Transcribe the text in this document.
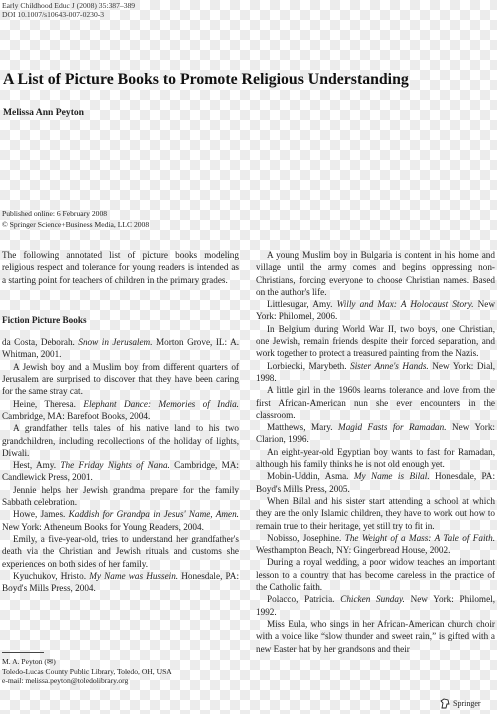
Early Childhood Educ J (2008) 35:387–389
DOI 10.1007/s10643-007-0230-3
A List of Picture Books to Promote Religious Understanding
Melissa Ann Peyton
Published online: 6 February 2008
© Springer Science+Business Media, LLC 2008

The following annotated list of picture books modeling religious respect and tolerance for young readers is intended as a starting point for teachers of children in the primary grades.

Fiction Picture Books

da Costa, Deborah. Snow in Jerusalem. Morton Grove, IL: A. Whitman, 2001.

A Jewish boy and a Muslim boy from different quarters of Jerusalem are surprised to discover that they have been caring for the same stray cat.

Heine, Theresa. Elephant Dance: Memories of India. Cambridge, MA: Barefoot Books, 2004.

A grandfather tells tales of his native land to his two grandchildren, including recollections of the holiday of lights, Diwali.

Hest, Amy. The Friday Nights of Nana. Cambridge, MA: Candlewick Press, 2001.

Jennie helps her Jewish grandma prepare for the family Sabbath celebration.

Howe, James. Kaddish for Grandpa in Jesus' Name, Amen. New York: Atheneum Books for Young Readers, 2004.

Emily, a five-year-old, tries to understand her grandfather's death via the Christian and Jewish rituals and customs she experiences on both sides of her family.

Kyuchukov, Hristo. My Name was Hussein. Honesdale, PA: Boyd's Mills Press, 2004.

A young Muslim boy in Bulgaria is content in his home and village until the army comes and begins oppressing non-Christians, forcing everyone to choose Christian names. Based on the author's life.

Littlesugar, Amy. Willy and Max: A Holocaust Story. New York: Philomel, 2006.

In Belgium during World War II, two boys, one Christian, one Jewish, remain friends despite their forced separation, and work together to protect a treasured painting from the Nazis.

Lorbiecki, Marybeth. Sister Anne's Hands. New York: Dial, 1998.

A little girl in the 1960s learns tolerance and love from the first African-American nun she ever encounters in the classroom.

Matthews, Mary. Magid Fasts for Ramadan. New York: Clarion, 1996.

An eight-year-old Egyptian boy wants to fast for Ramadan, although his family thinks he is not old enough yet.

Mobin-Uddin, Asma. My Name is Bilal. Honesdale, PA: Boyd's Mills Press, 2005.

When Bilal and his sister start attending a school at which they are the only Islamic children, they have to work out how to remain true to their heritage, yet still try to fit in.

Nobisso, Josephine. The Weight of a Mass: A Tale of Faith. Westhampton Beach, NY: Gingerbread House, 2002.

During a royal wedding, a poor widow teaches an important lesson to a country that has become careless in the practice of the Catholic faith.

Polacco, Patricia. Chicken Sunday. New York: Philomel, 1992.

Miss Eula, who sings in her African-American church choir with a voice like “slow thunder and sweet rain,” is gifted with a new Easter hat by her grandsons and their

M. A. Peyton (✉)
Toledo-Lucas County Public Library, Toledo, OH, USA
e-mail: melissa.peyton@toledolibrary.org
Springer
